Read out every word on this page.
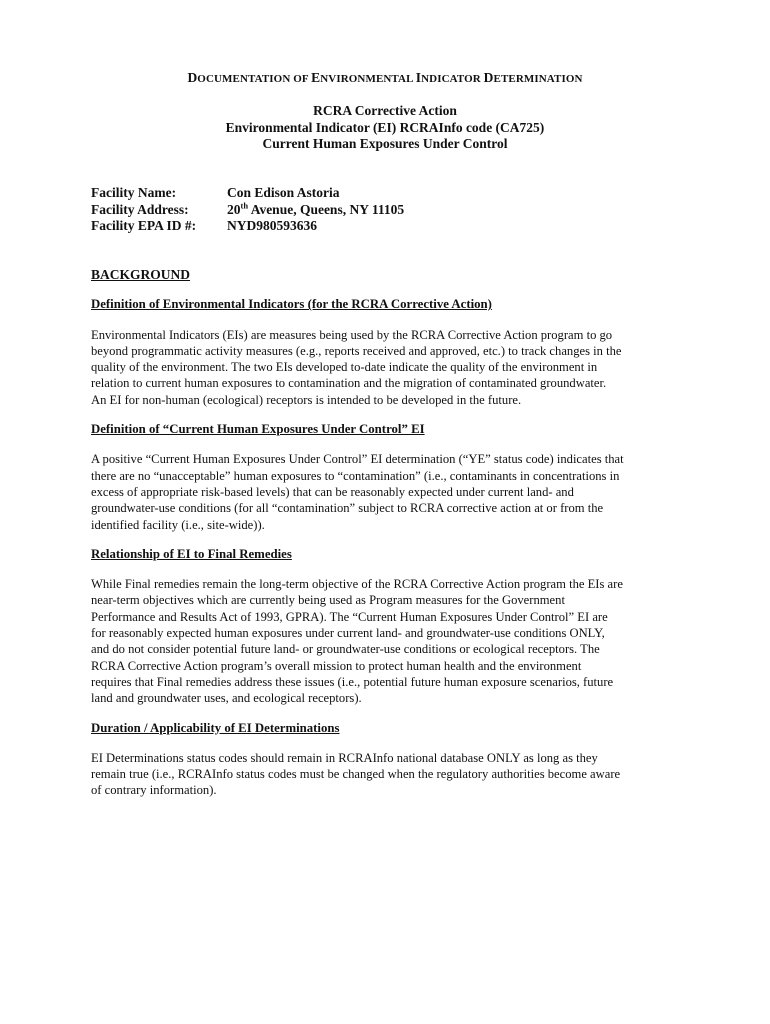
DOCUMENTATION OF ENVIRONMENTAL INDICATOR DETERMINATION
RCRA Corrective Action
Environmental Indicator (EI) RCRAInfo code (CA725)
Current Human Exposures Under Control
Facility Name:	Con Edison Astoria
Facility Address:	20th Avenue, Queens, NY 11105
Facility EPA ID #:	NYD980593636
BACKGROUND
Definition of Environmental Indicators (for the RCRA Corrective Action)
Environmental Indicators (EIs) are measures being used by the RCRA Corrective Action program to go
beyond programmatic activity measures (e.g., reports received and approved, etc.) to track changes in the
quality of the environment. The two EIs developed to-date indicate the quality of the environment in
relation to current human exposures to contamination and the migration of contaminated groundwater.
An EI for non-human (ecological) receptors is intended to be developed in the future.
Definition of “Current Human Exposures Under Control” EI
A positive “Current Human Exposures Under Control” EI determination (“YE” status code) indicates that
there are no “unacceptable” human exposures to “contamination” (i.e., contaminants in concentrations in
excess of appropriate risk-based levels) that can be reasonably expected under current land- and
groundwater-use conditions (for all “contamination” subject to RCRA corrective action at or from the
identified facility (i.e., site-wide)).
Relationship of EI to Final Remedies
While Final remedies remain the long-term objective of the RCRA Corrective Action program the EIs are
near-term objectives which are currently being used as Program measures for the Government
Performance and Results Act of 1993, GPRA). The “Current Human Exposures Under Control” EI are
for reasonably expected human exposures under current land- and groundwater-use conditions ONLY,
and do not consider potential future land- or groundwater-use conditions or ecological receptors. The
RCRA Corrective Action program’s overall mission to protect human health and the environment
requires that Final remedies address these issues (i.e., potential future human exposure scenarios, future
land and groundwater uses, and ecological receptors).
Duration / Applicability of EI Determinations
EI Determinations status codes should remain in RCRAInfo national database ONLY as long as they
remain true (i.e., RCRAInfo status codes must be changed when the regulatory authorities become aware
of contrary information).
